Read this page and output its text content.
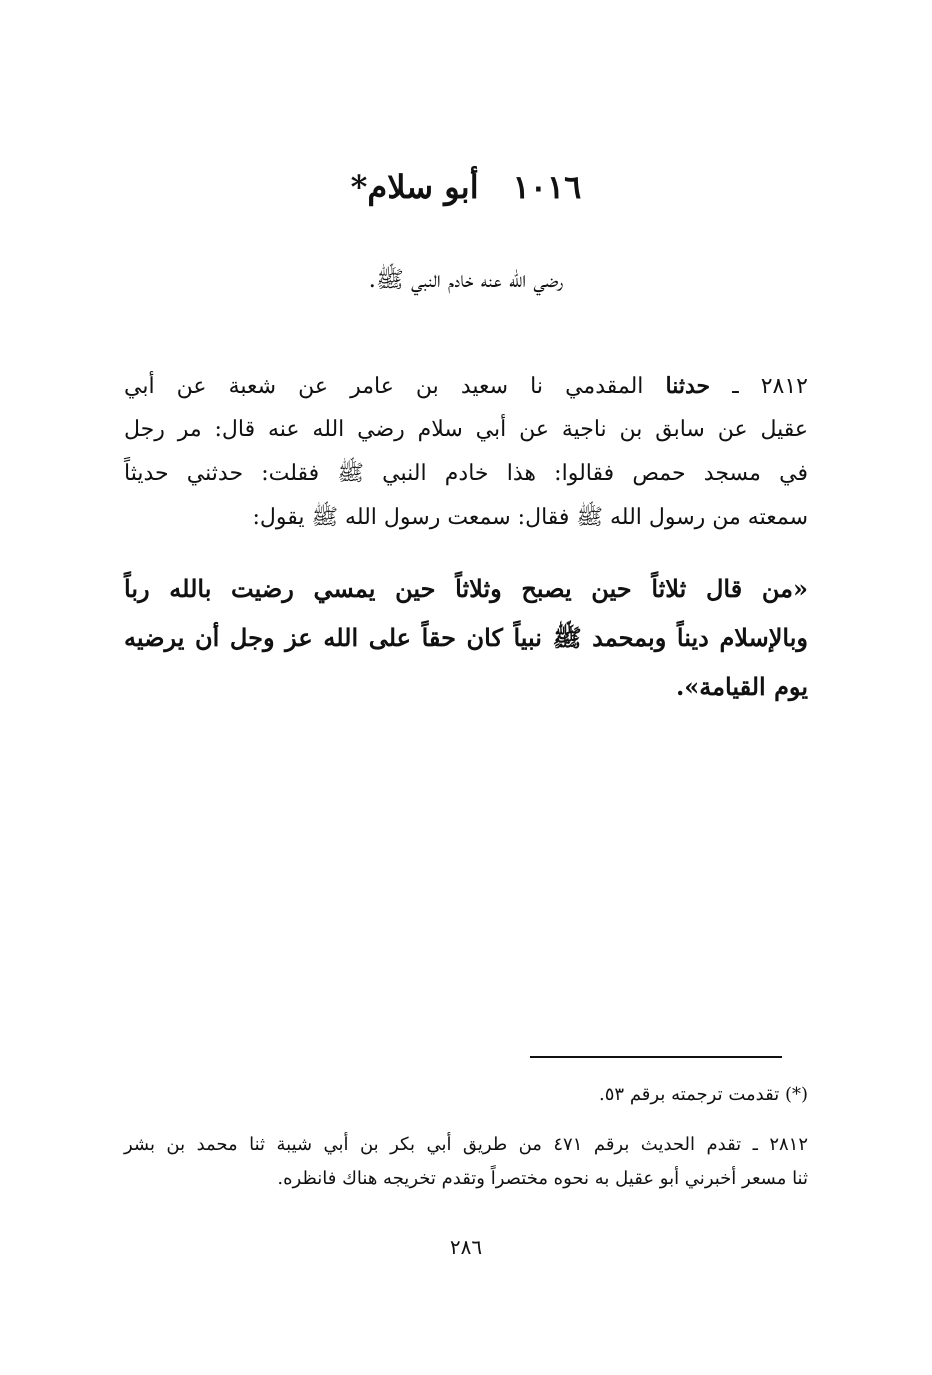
١٠١٦أبو سلام*
رضي الله عنه خادم النبي ﷺ.
٢٨١٢ ـ حدثنا المقدمي نا سعيد بن عامر عن شعبة عن أبي
عقيل عن سابق بن ناجية عن أبي سلام رضي الله عنه قال: مر رجل
في مسجد حمص فقالوا: هذا خادم النبي ﷺ فقلت: حدثني حديثاً
سمعته من رسول الله ﷺ فقال: سمعت رسول الله ﷺ يقول:
«من قال ثلاثاً حين يصبح وثلاثاً حين يمسي رضيت بالله رباً
وبالإسلام ديناً وبمحمد ﷺ نبياً كان حقاً على الله عز وجل أن يرضيه
يوم القيامة».
(*) تقدمت ترجمته برقم ٥٣.
٢٨١٢ ـ تقدم الحديث برقم ٤٧١ من طريق أبي بكر بن أبي شيبة ثنا محمد بن بشر
ثنا مسعر أخبرني أبو عقيل به نحوه مختصراً وتقدم تخريجه هناك فانظره.
٢٨٦
